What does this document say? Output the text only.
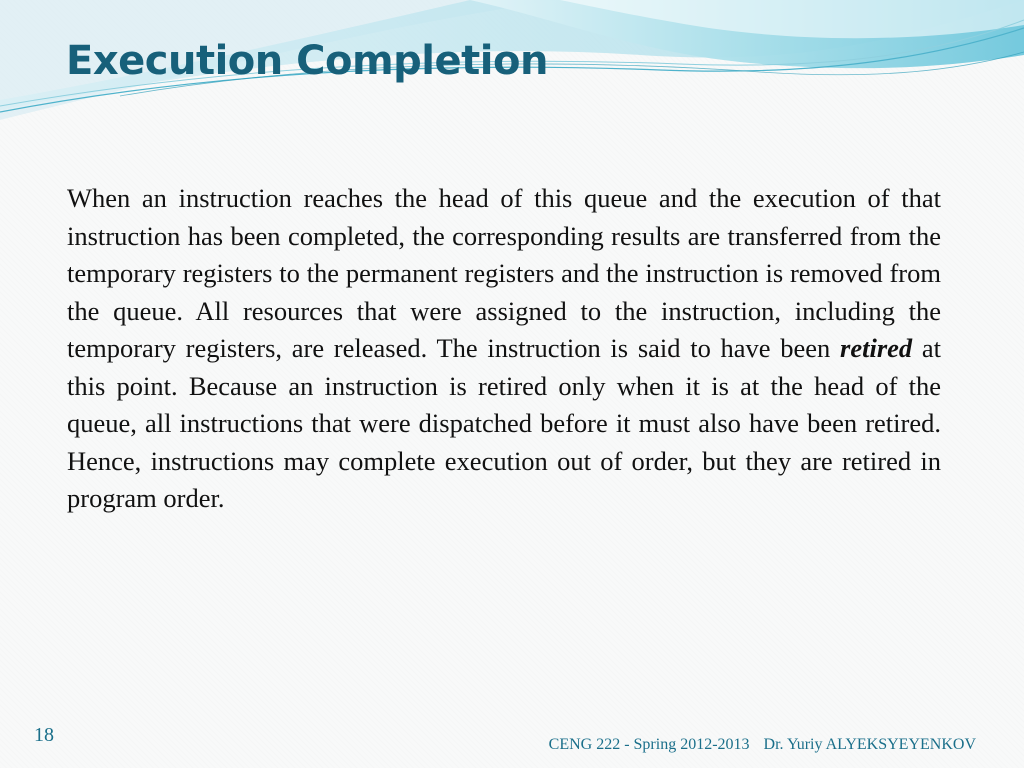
Execution Completion

When an instruction reaches the head of this queue and the execution of that instruction has been completed, the corresponding results are transferred from the temporary registers to the permanent registers and the instruction is removed from the queue. All resources that were assigned to the instruction, including the temporary registers, are released. The instruction is said to have been retired at this point. Because an instruction is retired only when it is at the head of the queue, all instructions that were dispatched before it must also have been retired. Hence, instructions may complete execution out of order, but they are retired in program order.

18	CENG 222 - Spring 2012-2013 Dr. Yuriy ALYEKSYEYENKOV
